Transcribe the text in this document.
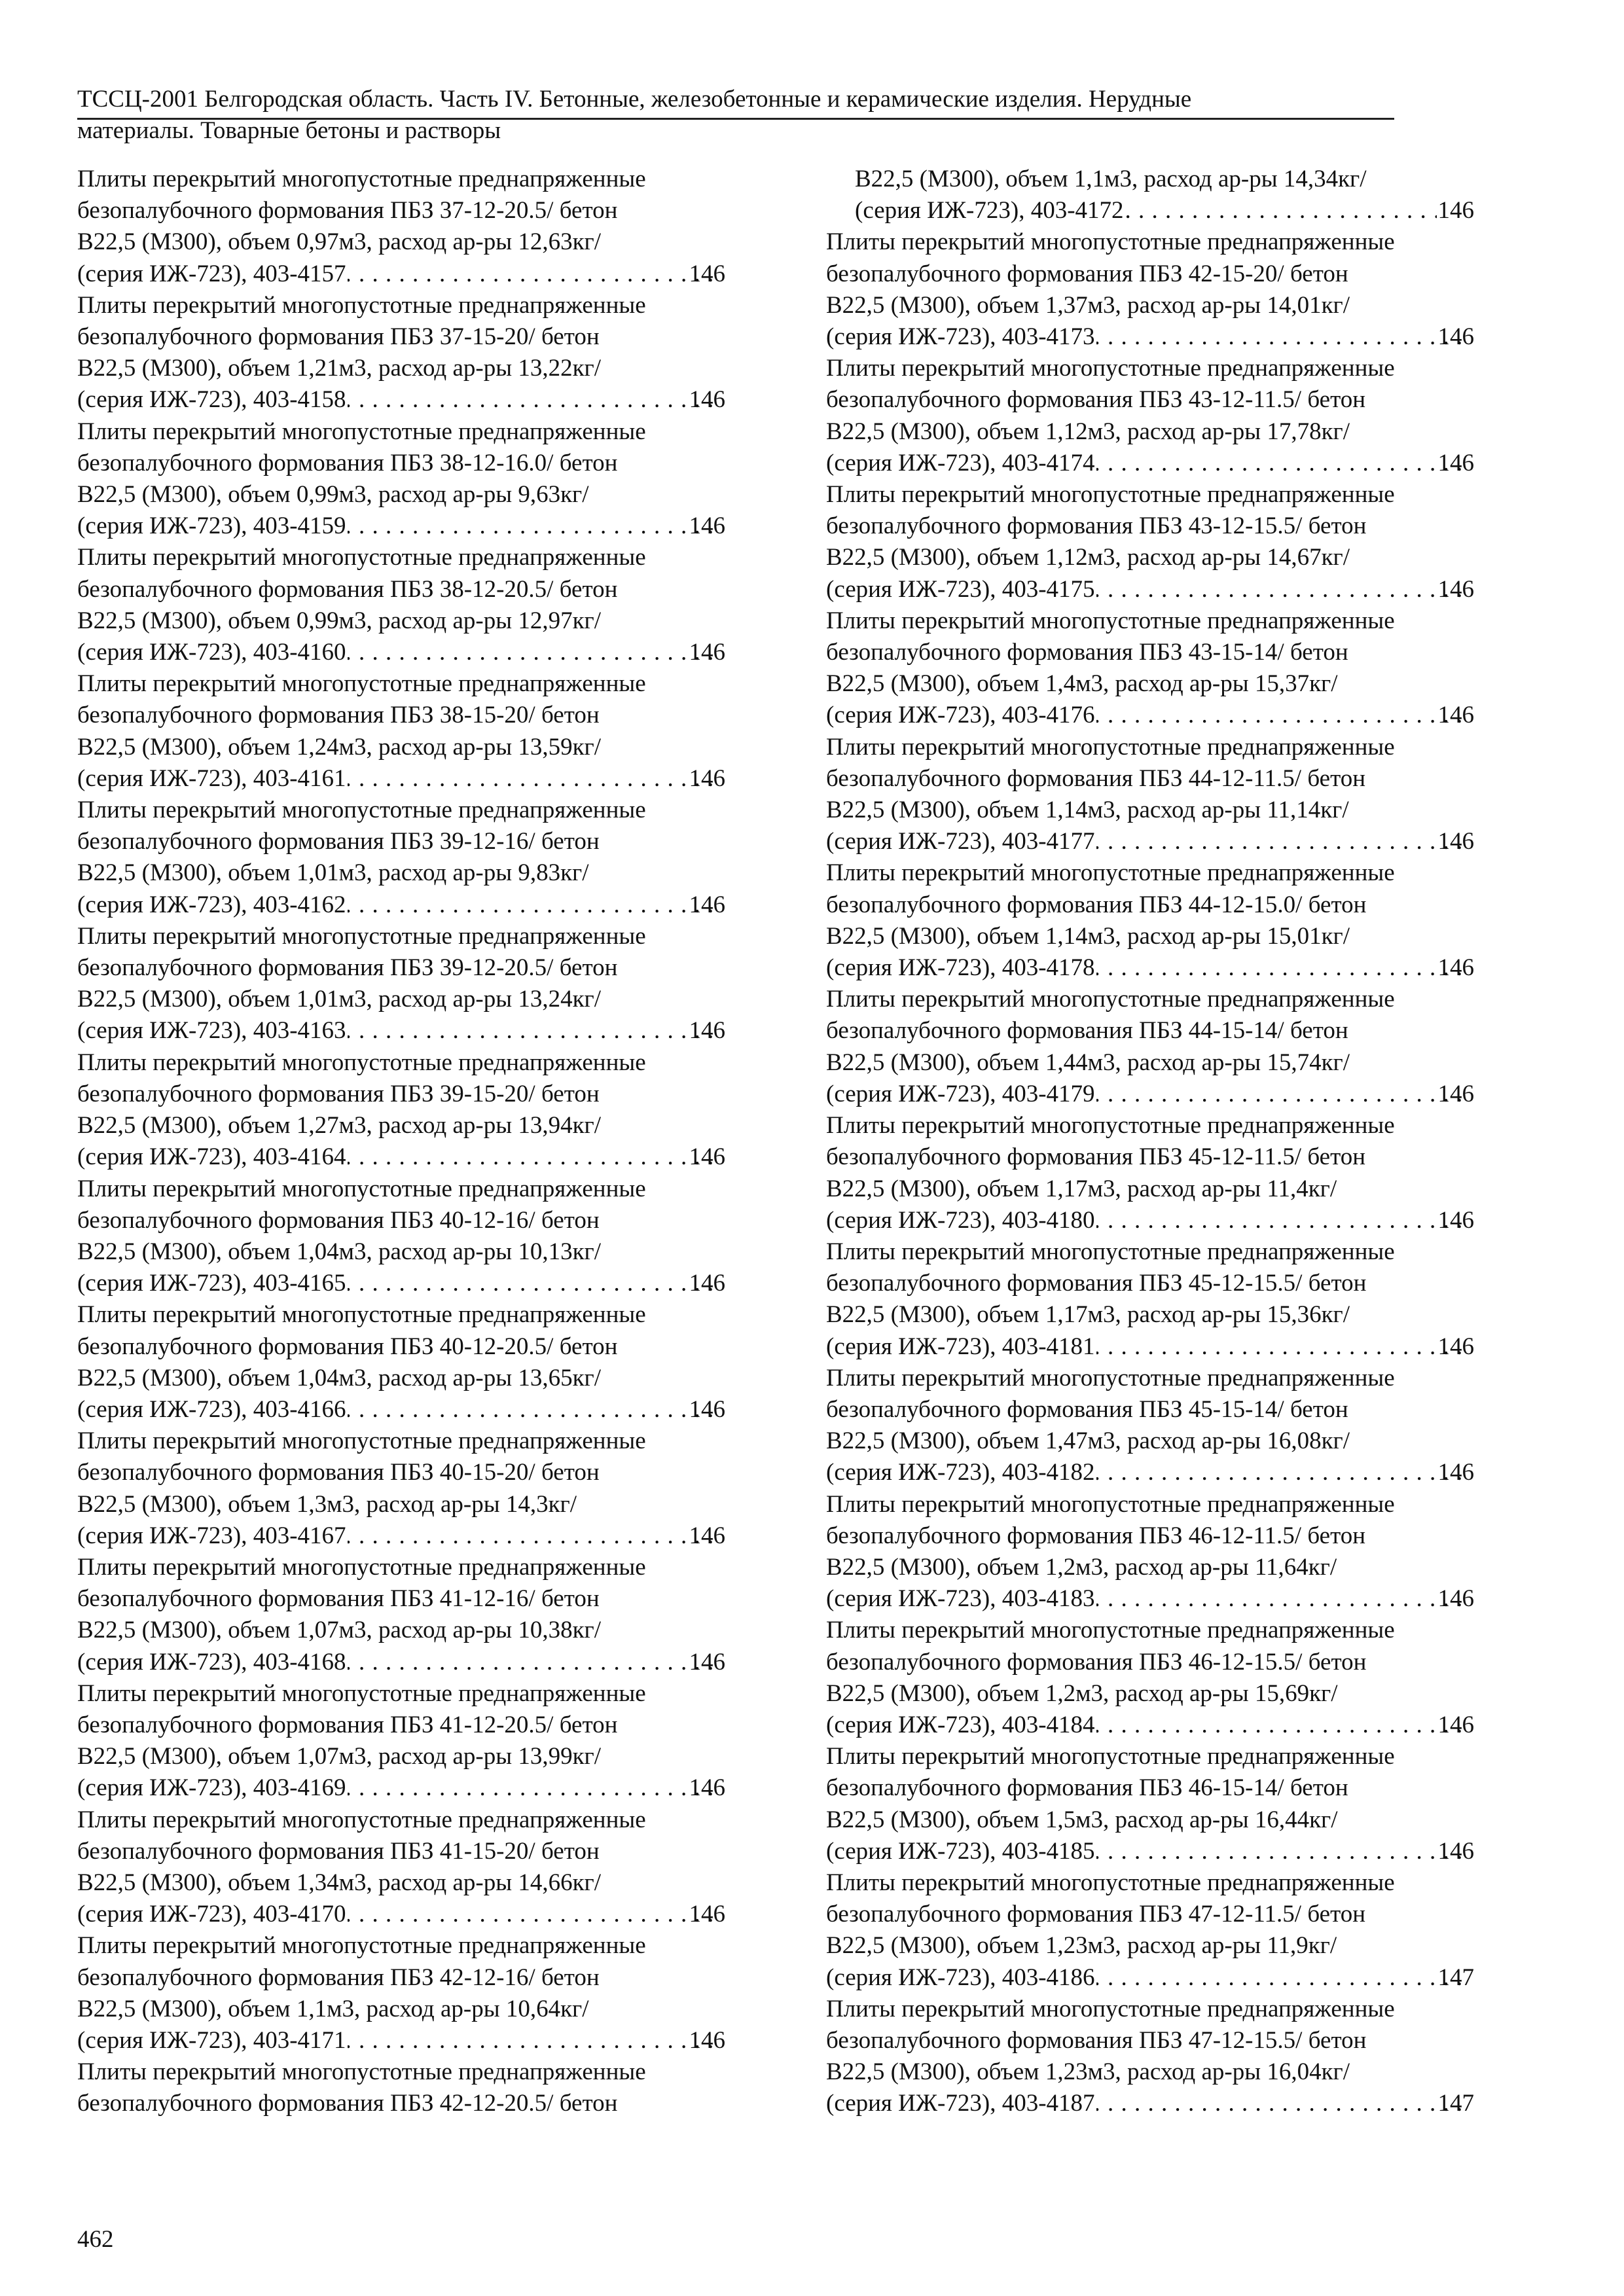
ТССЦ-2001 Белгородская область. Часть IV. Бетонные, железобетонные и керамические изделия. Нерудные
материалы. Товарные бетоны и растворы
Плиты перекрытий многопустотные преднапряженные
безопалубочного формования ПБЗ 37-12-20.5/ бетон
В22,5 (М300), объем 0,97м3, расход ар-ры 12,63кг/
(серия ИЖ-723), 403-4157 . . .	146
Плиты перекрытий многопустотные преднапряженные
безопалубочного формования ПБЗ 37-15-20/ бетон
В22,5 (М300), объем 1,21м3, расход ар-ры 13,22кг/
(серия ИЖ-723), 403-4158 . . .	146
Плиты перекрытий многопустотные преднапряженные
безопалубочного формования ПБЗ 38-12-16.0/ бетон
В22,5 (М300), объем 0,99м3, расход ар-ры 9,63кг/
(серия ИЖ-723), 403-4159 . . .	146
Плиты перекрытий многопустотные преднапряженные
безопалубочного формования ПБЗ 38-12-20.5/ бетон
В22,5 (М300), объем 0,99м3, расход ар-ры 12,97кг/
(серия ИЖ-723), 403-4160 . . .	146
Плиты перекрытий многопустотные преднапряженные
безопалубочного формования ПБЗ 38-15-20/ бетон
В22,5 (М300), объем 1,24м3, расход ар-ры 13,59кг/
(серия ИЖ-723), 403-4161 . . .	146
Плиты перекрытий многопустотные преднапряженные
безопалубочного формования ПБЗ 39-12-16/ бетон
В22,5 (М300), объем 1,01м3, расход ар-ры 9,83кг/
(серия ИЖ-723), 403-4162 . . .	146
Плиты перекрытий многопустотные преднапряженные
безопалубочного формования ПБЗ 39-12-20.5/ бетон
В22,5 (М300), объем 1,01м3, расход ар-ры 13,24кг/
(серия ИЖ-723), 403-4163 . . .	146
Плиты перекрытий многопустотные преднапряженные
безопалубочного формования ПБЗ 39-15-20/ бетон
В22,5 (М300), объем 1,27м3, расход ар-ры 13,94кг/
(серия ИЖ-723), 403-4164 . . .	146
Плиты перекрытий многопустотные преднапряженные
безопалубочного формования ПБЗ 40-12-16/ бетон
В22,5 (М300), объем 1,04м3, расход ар-ры 10,13кг/
(серия ИЖ-723), 403-4165 . . .	146
Плиты перекрытий многопустотные преднапряженные
безопалубочного формования ПБЗ 40-12-20.5/ бетон
В22,5 (М300), объем 1,04м3, расход ар-ры 13,65кг/
(серия ИЖ-723), 403-4166 . . .	146
Плиты перекрытий многопустотные преднапряженные
безопалубочного формования ПБЗ 40-15-20/ бетон
В22,5 (М300), объем 1,3м3, расход ар-ры 14,3кг/
(серия ИЖ-723), 403-4167 . . .	146
Плиты перекрытий многопустотные преднапряженные
безопалубочного формования ПБЗ 41-12-16/ бетон
В22,5 (М300), объем 1,07м3, расход ар-ры 10,38кг/
(серия ИЖ-723), 403-4168 . . .	146
Плиты перекрытий многопустотные преднапряженные
безопалубочного формования ПБЗ 41-12-20.5/ бетон
В22,5 (М300), объем 1,07м3, расход ар-ры 13,99кг/
(серия ИЖ-723), 403-4169 . . .	146
Плиты перекрытий многопустотные преднапряженные
безопалубочного формования ПБЗ 41-15-20/ бетон
В22,5 (М300), объем 1,34м3, расход ар-ры 14,66кг/
(серия ИЖ-723), 403-4170 . . .	146
Плиты перекрытий многопустотные преднапряженные
безопалубочного формования ПБЗ 42-12-16/ бетон
В22,5 (М300), объем 1,1м3, расход ар-ры 10,64кг/
(серия ИЖ-723), 403-4171 . . .	146
Плиты перекрытий многопустотные преднапряженные
безопалубочного формования ПБЗ 42-12-20.5/ бетон
В22,5 (М300), объем 1,1м3, расход ар-ры 14,34кг/
(серия ИЖ-723), 403-4172 . . .	146
Плиты перекрытий многопустотные преднапряженные
безопалубочного формования ПБЗ 42-15-20/ бетон
В22,5 (М300), объем 1,37м3, расход ар-ры 14,01кг/
(серия ИЖ-723), 403-4173 . . .	146
Плиты перекрытий многопустотные преднапряженные
безопалубочного формования ПБЗ 43-12-11.5/ бетон
В22,5 (М300), объем 1,12м3, расход ар-ры 17,78кг/
(серия ИЖ-723), 403-4174 . . .	146
Плиты перекрытий многопустотные преднапряженные
безопалубочного формования ПБЗ 43-12-15.5/ бетон
В22,5 (М300), объем 1,12м3, расход ар-ры 14,67кг/
(серия ИЖ-723), 403-4175 . . .	146
Плиты перекрытий многопустотные преднапряженные
безопалубочного формования ПБЗ 43-15-14/ бетон
В22,5 (М300), объем 1,4м3, расход ар-ры 15,37кг/
(серия ИЖ-723), 403-4176 . . .	146
Плиты перекрытий многопустотные преднапряженные
безопалубочного формования ПБЗ 44-12-11.5/ бетон
В22,5 (М300), объем 1,14м3, расход ар-ры 11,14кг/
(серия ИЖ-723), 403-4177 . . .	146
Плиты перекрытий многопустотные преднапряженные
безопалубочного формования ПБЗ 44-12-15.0/ бетон
В22,5 (М300), объем 1,14м3, расход ар-ры 15,01кг/
(серия ИЖ-723), 403-4178 . . .	146
Плиты перекрытий многопустотные преднапряженные
безопалубочного формования ПБЗ 44-15-14/ бетон
В22,5 (М300), объем 1,44м3, расход ар-ры 15,74кг/
(серия ИЖ-723), 403-4179 . . .	146
Плиты перекрытий многопустотные преднапряженные
безопалубочного формования ПБЗ 45-12-11.5/ бетон
В22,5 (М300), объем 1,17м3, расход ар-ры 11,4кг/
(серия ИЖ-723), 403-4180 . . .	146
Плиты перекрытий многопустотные преднапряженные
безопалубочного формования ПБЗ 45-12-15.5/ бетон
В22,5 (М300), объем 1,17м3, расход ар-ры 15,36кг/
(серия ИЖ-723), 403-4181 . . .	146
Плиты перекрытий многопустотные преднапряженные
безопалубочного формования ПБЗ 45-15-14/ бетон
В22,5 (М300), объем 1,47м3, расход ар-ры 16,08кг/
(серия ИЖ-723), 403-4182 . . .	146
Плиты перекрытий многопустотные преднапряженные
безопалубочного формования ПБЗ 46-12-11.5/ бетон
В22,5 (М300), объем 1,2м3, расход ар-ры 11,64кг/
(серия ИЖ-723), 403-4183 . . .	146
Плиты перекрытий многопустотные преднапряженные
безопалубочного формования ПБЗ 46-12-15.5/ бетон
В22,5 (М300), объем 1,2м3, расход ар-ры 15,69кг/
(серия ИЖ-723), 403-4184 . . .	146
Плиты перекрытий многопустотные преднапряженные
безопалубочного формования ПБЗ 46-15-14/ бетон
В22,5 (М300), объем 1,5м3, расход ар-ры 16,44кг/
(серия ИЖ-723), 403-4185 . . .	146
Плиты перекрытий многопустотные преднапряженные
безопалубочного формования ПБЗ 47-12-11.5/ бетон
В22,5 (М300), объем 1,23м3, расход ар-ры 11,9кг/
(серия ИЖ-723), 403-4186 . . .	147
Плиты перекрытий многопустотные преднапряженные
безопалубочного формования ПБЗ 47-12-15.5/ бетон
В22,5 (М300), объем 1,23м3, расход ар-ры 16,04кг/
(серия ИЖ-723), 403-4187 . . .	147
462
